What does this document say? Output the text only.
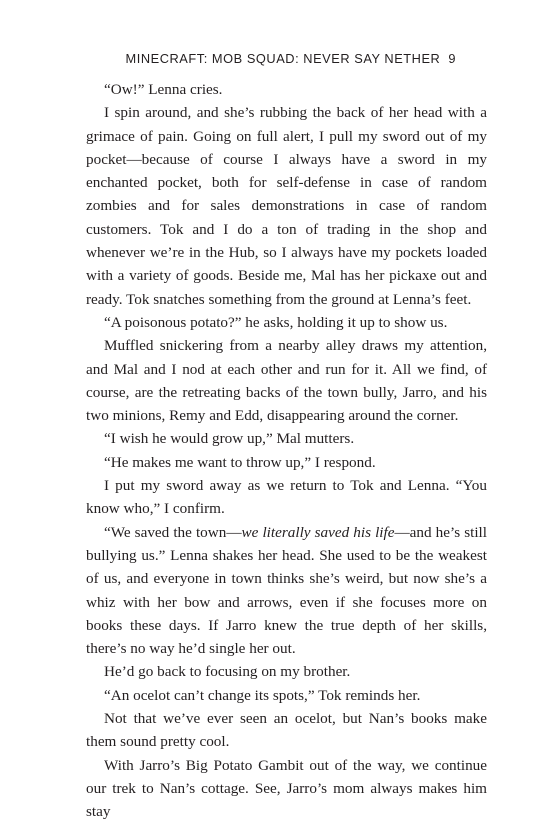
MINECRAFT: MOB SQUAD: NEVER SAY NETHER 9

“Ow!” Lenna cries.

I spin around, and she’s rubbing the back of her head with a grimace of pain. Going on full alert, I pull my sword out of my pocket—because of course I always have a sword in my enchanted pocket, both for self-defense in case of random zombies and for sales demonstrations in case of random customers. Tok and I do a ton of trading in the shop and whenever we’re in the Hub, so I always have my pockets loaded with a variety of goods. Beside me, Mal has her pickaxe out and ready. Tok snatches something from the ground at Lenna’s feet.

“A poisonous potato?” he asks, holding it up to show us.

Muffled snickering from a nearby alley draws my attention, and Mal and I nod at each other and run for it. All we find, of course, are the retreating backs of the town bully, Jarro, and his two minions, Remy and Edd, disappearing around the corner.

“I wish he would grow up,” Mal mutters.

“He makes me want to throw up,” I respond.

I put my sword away as we return to Tok and Lenna. “You know who,” I confirm.

“We saved the town—we literally saved his life—and he’s still bullying us.” Lenna shakes her head. She used to be the weakest of us, and everyone in town thinks she’s weird, but now she’s a whiz with her bow and arrows, even if she focuses more on books these days. If Jarro knew the true depth of her skills, there’s no way he’d single her out.

He’d go back to focusing on my brother.

“An ocelot can’t change its spots,” Tok reminds her.

Not that we’ve ever seen an ocelot, but Nan’s books make them sound pretty cool.

With Jarro’s Big Potato Gambit out of the way, we continue our trek to Nan’s cottage. See, Jarro’s mom always makes him stay
